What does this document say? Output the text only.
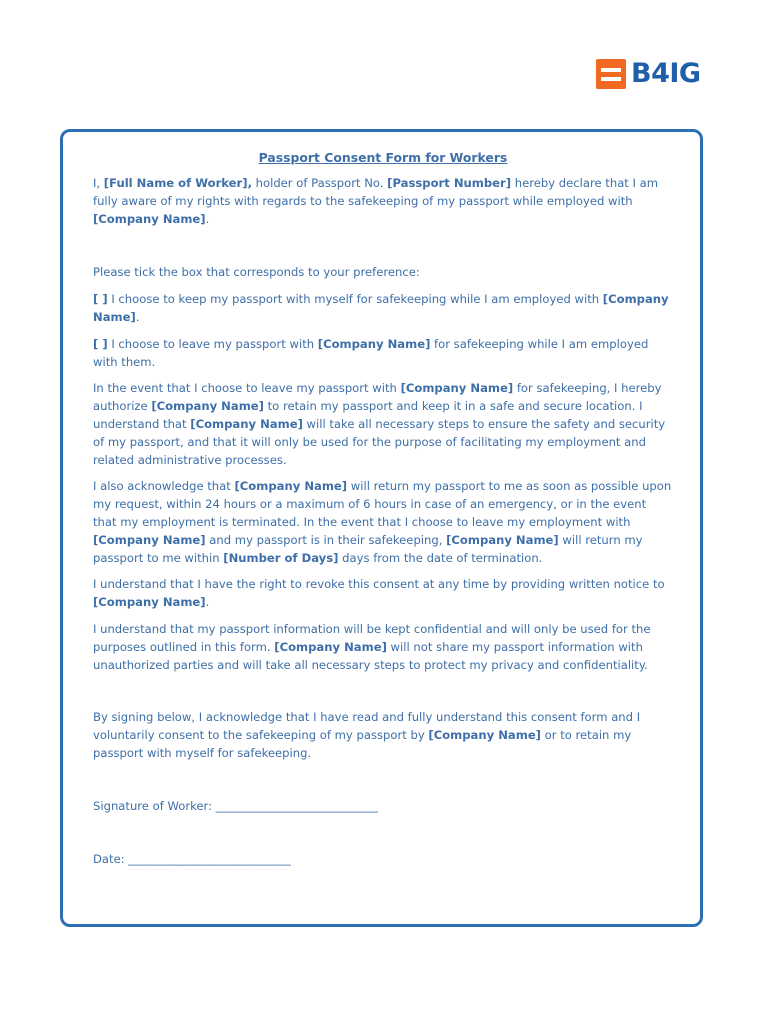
B4IG
Passport Consent Form for Workers

I, [Full Name of Worker], holder of Passport No. [Passport Number] hereby declare that I am fully aware of my rights with regards to the safekeeping of my passport while employed with [Company Name].

Please tick the box that corresponds to your preference:

[ ] I choose to keep my passport with myself for safekeeping while I am employed with [Company Name].

[ ] I choose to leave my passport with [Company Name] for safekeeping while I am employed with them.

In the event that I choose to leave my passport with [Company Name] for safekeeping, I hereby authorize [Company Name] to retain my passport and keep it in a safe and secure location. I understand that [Company Name] will take all necessary steps to ensure the safety and security of my passport, and that it will only be used for the purpose of facilitating my employment and related administrative processes.

I also acknowledge that [Company Name] will return my passport to me as soon as possible upon my request, within 24 hours or a maximum of 6 hours in case of an emergency, or in the event that my employment is terminated. In the event that I choose to leave my employment with [Company Name] and my passport is in their safekeeping, [Company Name] will return my passport to me within [Number of Days] days from the date of termination.

I understand that I have the right to revoke this consent at any time by providing written notice to [Company Name].

I understand that my passport information will be kept confidential and will only be used for the purposes outlined in this form. [Company Name] will not share my passport information with unauthorized parties and will take all necessary steps to protect my privacy and confidentiality.

By signing below, I acknowledge that I have read and fully understand this consent form and I voluntarily consent to the safekeeping of my passport by [Company Name] or to retain my passport with myself for safekeeping.

Signature of Worker: ____________________________

Date: ____________________________
